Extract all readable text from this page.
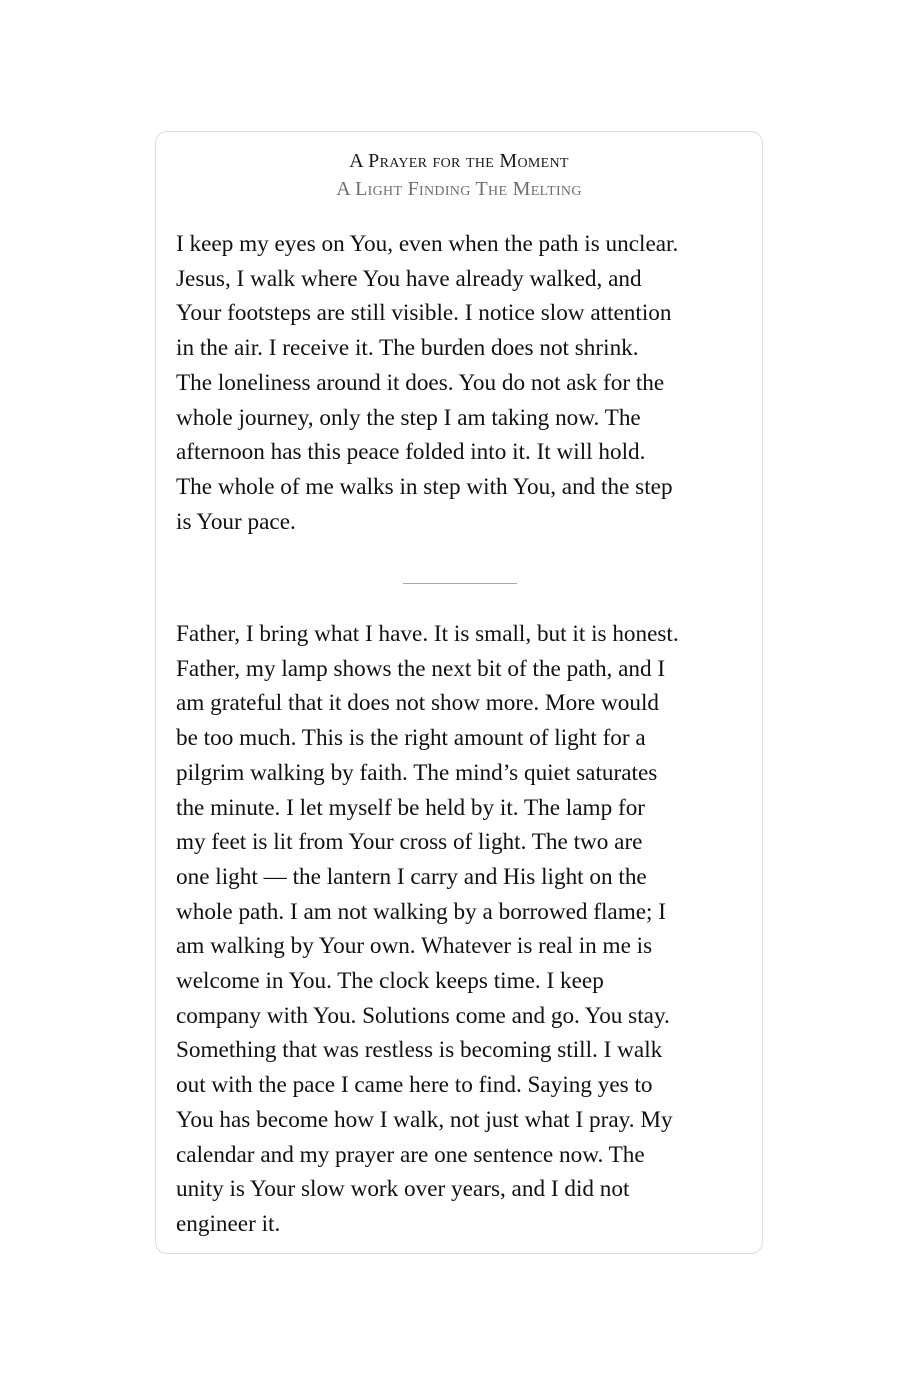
A Prayer for the Moment
A Light Finding The Melting
I keep my eyes on You, even when the path is unclear.
Jesus, I walk where You have already walked, and
Your footsteps are still visible. I notice slow attention
in the air. I receive it. The burden does not shrink.
The loneliness around it does. You do not ask for the
whole journey, only the step I am taking now. The
afternoon has this peace folded into it. It will hold.
The whole of me walks in step with You, and the step
is Your pace.
Father, I bring what I have. It is small, but it is honest.
Father, my lamp shows the next bit of the path, and I
am grateful that it does not show more. More would
be too much. This is the right amount of light for a
pilgrim walking by faith. The mind’s quiet saturates
the minute. I let myself be held by it. The lamp for
my feet is lit from Your cross of light. The two are
one light — the lantern I carry and His light on the
whole path. I am not walking by a borrowed flame; I
am walking by Your own. Whatever is real in me is
welcome in You. The clock keeps time. I keep
company with You. Solutions come and go. You stay.
Something that was restless is becoming still. I walk
out with the pace I came here to find. Saying yes to
You has become how I walk, not just what I pray. My
calendar and my prayer are one sentence now. The
unity is Your slow work over years, and I did not
engineer it.
